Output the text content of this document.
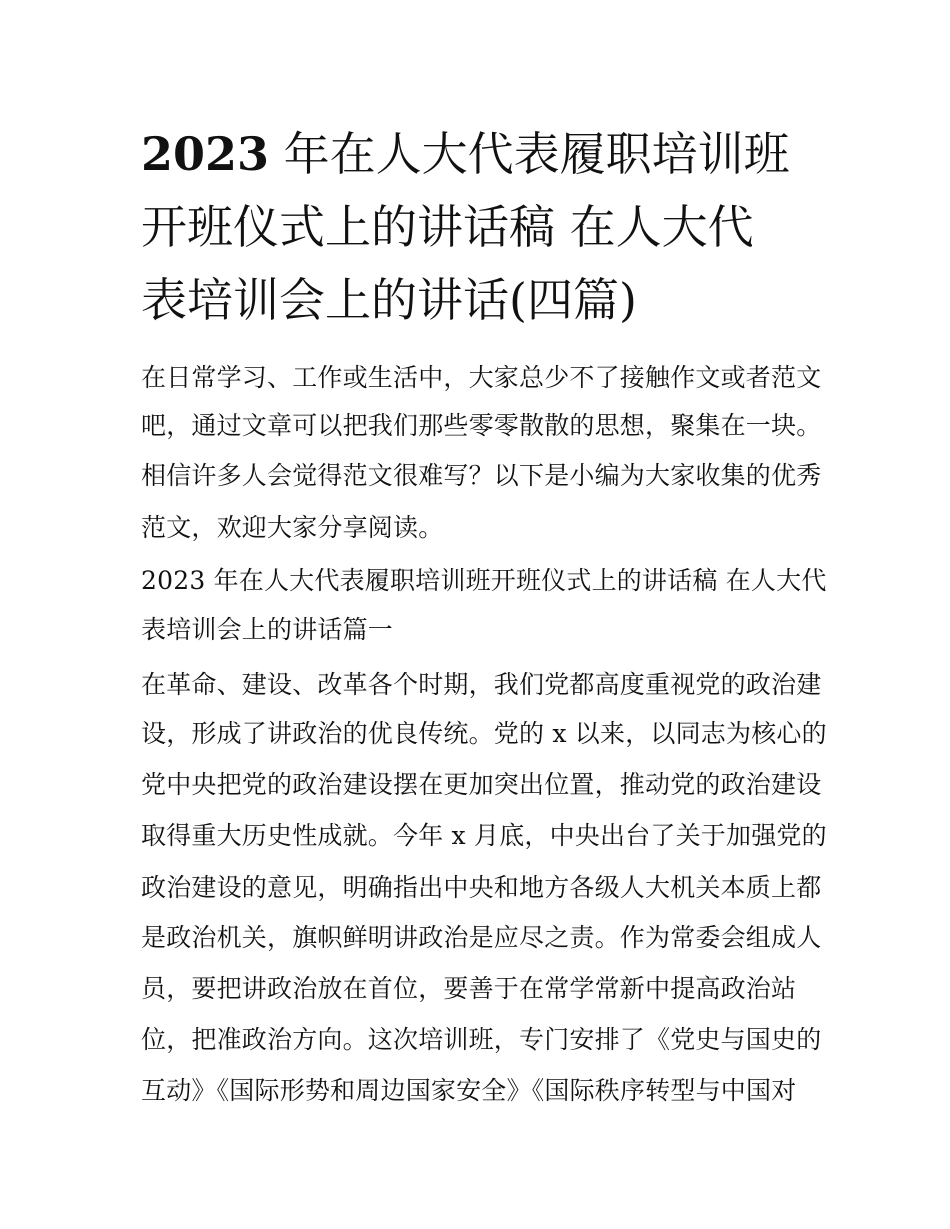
2023 年在人大代表履职培训班
开班仪式上的讲话稿 在人大代
表培训会上的讲话(四篇)
在日常学习、工作或生活中，大家总少不了接触作文或者范文
吧，通过文章可以把我们那些零零散散的思想，聚集在一块。
相信许多人会觉得范文很难写？以下是小编为大家收集的优秀
范文，欢迎大家分享阅读。
2023 年在人大代表履职培训班开班仪式上的讲话稿 在人大代
表培训会上的讲话篇一
在革命、建设、改革各个时期，我们党都高度重视党的政治建
设，形成了讲政治的优良传统。党的 x 以来，以同志为核心的
党中央把党的政治建设摆在更加突出位置，推动党的政治建设
取得重大历史性成就。今年 x 月底，中央出台了关于加强党的
政治建设的意见，明确指出中央和地方各级人大机关本质上都
是政治机关，旗帜鲜明讲政治是应尽之责。作为常委会组成人
员，要把讲政治放在首位，要善于在常学常新中提高政治站
位，把准政治方向。这次培训班，专门安排了《党史与国史的
互动》《国际形势和周边国家安全》《国际秩序转型与中国对
